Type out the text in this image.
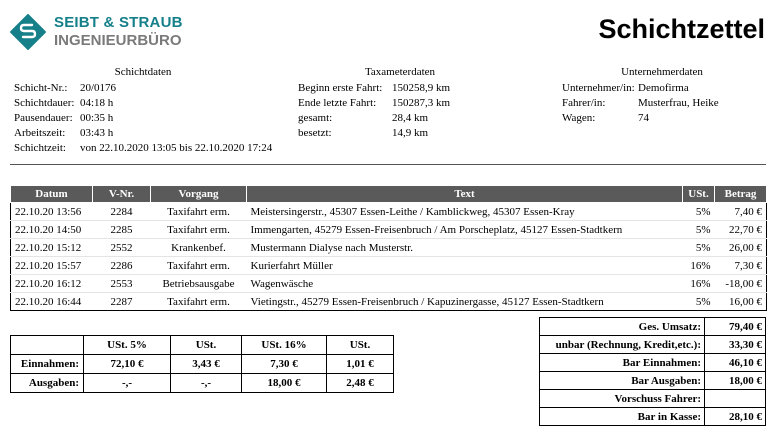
SEIBT & STRAUB
INGENIEURBÜRO	Schichtzettel
Schichtdaten
Schicht-Nr.: 20/0176
Schichtdauer: 04:18 h
Pausendauer: 00:35 h
Arbeitszeit: 03:43 h
Schichtzeit: von 22.10.2020 13:05 bis 22.10.2020 17:24
Taxameterdaten
Beginn erste Fahrt: 150258,9 km
Ende letzte Fahrt: 150287,3 km
gesamt:	28,4 km
besetzt:	14,9 km
Unternehmerdaten
Unternehmer/in: Demofirma
Fahrer/in:	Musterfrau, Heike
Wagen:	74
Datum	V-Nr.	Vorgang	Text	USt.	Betrag
22.10.20 13:56	2284	Taxifahrt erm.	Meistersingerstr., 45307 Essen-Leithe / Kamblickweg, 45307 Essen-Kray	5%	7,40 €
22.10.20 14:50	2285	Taxifahrt erm.	Immengarten, 45279 Essen-Freisenbruch / Am Porscheplatz, 45127 Essen-Stadtkern	5%	22,70 €
22.10.20 15:12	2552	Krankenbef.	Mustermann Dialyse nach Musterstr.	5%	26,00 €
22.10.20 15:57	2286	Taxifahrt erm.	Kurierfahrt Müller	16%	7,30 €
22.10.20 16:12	2553	Betriebsausgabe	Wagenwäsche	16%	-18,00 €
22.10.20 16:44	2287	Taxifahrt erm.	Vietingstr., 45279 Essen-Freisenbruch / Kapuzinergasse, 45127 Essen-Stadtkern	5%	16,00 €
	USt. 5%	USt.	USt. 16%	USt.
Einnahmen:	72,10 €	3,43 €	7,30 €	1,01 €
Ausgaben:	-,-	-,-	18,00 €	2,48 €
Ges. Umsatz:	79,40 €
unbar (Rechnung, Kredit,etc.):	33,30 €
Bar Einnahmen:	46,10 €
Bar Ausgaben:	18,00 €
Vorschuss Fahrer:	
Bar in Kasse:	28,10 €
